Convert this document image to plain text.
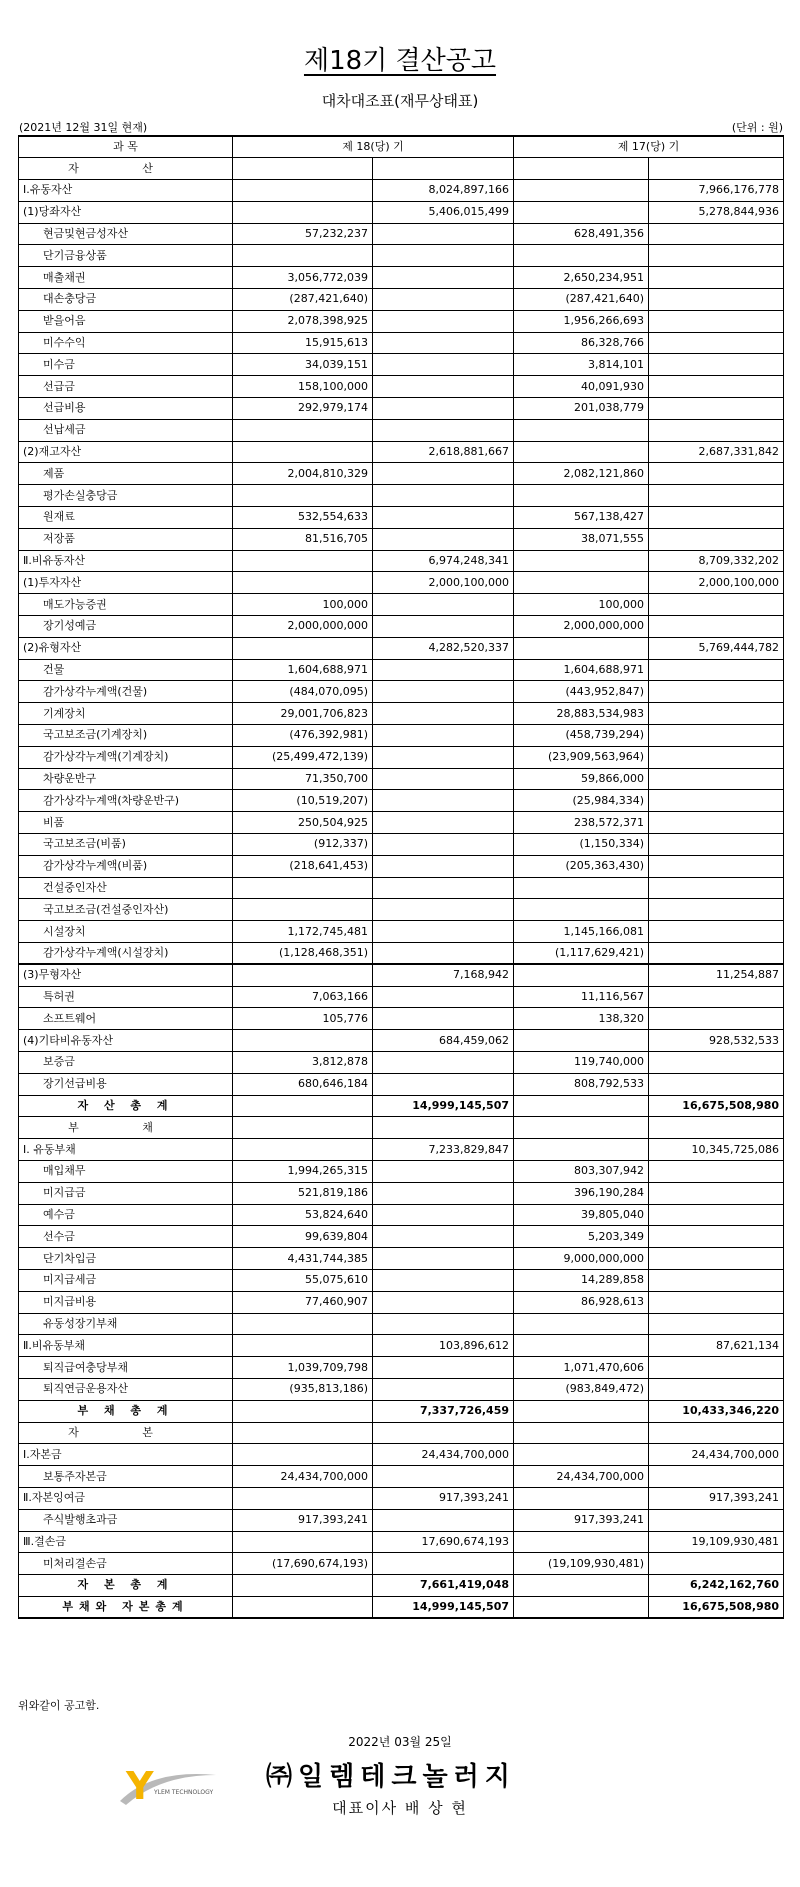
제18기 결산공고
대차대조표(재무상태표)
(2021년 12월 31일 현재)	(단위 : 원)
과 목	제 18(당) 기		제 17(당) 기	
자 산				
Ⅰ.유동자산		8,024,897,166		7,966,176,778
(1)당좌자산		5,406,015,499		5,278,844,936
현금및현금성자산	57,232,237		628,491,356	
단기금융상품				
매출채권	3,056,772,039		2,650,234,951	
대손충당금	(287,421,640)		(287,421,640)	
받을어음	2,078,398,925		1,956,266,693	
미수수익	15,915,613		86,328,766	
미수금	34,039,151		3,814,101	
선급금	158,100,000		40,091,930	
선급비용	292,979,174		201,038,779	
선납세금				
(2)재고자산		2,618,881,667		2,687,331,842
제품	2,004,810,329		2,082,121,860	
평가손실충당금				
원재료	532,554,633		567,138,427	
저장품	81,516,705		38,071,555	
Ⅱ.비유동자산		6,974,248,341		8,709,332,202
(1)투자자산		2,000,100,000		2,000,100,000
매도가능증권	100,000		100,000	
장기성예금	2,000,000,000		2,000,000,000	
(2)유형자산		4,282,520,337		5,769,444,782
건물	1,604,688,971		1,604,688,971	
감가상각누계액(건물)	(484,070,095)		(443,952,847)	
기계장치	29,001,706,823		28,883,534,983	
국고보조금(기계장치)	(476,392,981)		(458,739,294)	
감가상각누계액(기계장치)	(25,499,472,139)		(23,909,563,964)	
차량운반구	71,350,700		59,866,000	
감가상각누계액(차량운반구)	(10,519,207)		(25,984,334)	
비품	250,504,925		238,572,371	
국고보조금(비품)	(912,337)		(1,150,334)	
감가상각누계액(비품)	(218,641,453)		(205,363,430)	
건설중인자산				
국고보조금(건설중인자산)				
시설장치	1,172,745,481		1,145,166,081	
감가상각누계액(시설장치)	(1,128,468,351)		(1,117,629,421)	
(3)무형자산		7,168,942		11,254,887
특허권	7,063,166		11,116,567	
소프트웨어	105,776		138,320	
(4)기타비유동자산		684,459,062		928,532,533
보증금	3,812,878		119,740,000	
장기선급비용	680,646,184		808,792,533	
자 산 총 계		14,999,145,507		16,675,508,980
부 채				
Ⅰ. 유동부채		7,233,829,847		10,345,725,086
매입채무	1,994,265,315		803,307,942	
미지급금	521,819,186		396,190,284	
예수금	53,824,640		39,805,040	
선수금	99,639,804		5,203,349	
단기차입금	4,431,744,385		9,000,000,000	
미지급세금	55,075,610		14,289,858	
미지급비용	77,460,907		86,928,613	
유동성장기부채				
Ⅱ.비유동부채		103,896,612		87,621,134
퇴직급여충당부채	1,039,709,798		1,071,470,606	
퇴직연금운용자산	(935,813,186)		(983,849,472)	
부 채 총 계		7,337,726,459		10,433,346,220
자 본				
Ⅰ.자본금		24,434,700,000		24,434,700,000
보통주자본금	24,434,700,000		24,434,700,000	
Ⅱ.자본잉여금		917,393,241		917,393,241
주식발행초과금	917,393,241		917,393,241	
Ⅲ.결손금		17,690,674,193		19,109,930,481
미처리결손금	(17,690,674,193)		(19,109,930,481)	
자 본 총 계		7,661,419,048		6,242,162,760
부채와 자본총계		14,999,145,507		16,675,508,980
위와같이 공고함.
2022년 03월 25일
Y YLEM TECHNOLOGY
㈜일렘테크놀러지
대표이사 배 상 현
